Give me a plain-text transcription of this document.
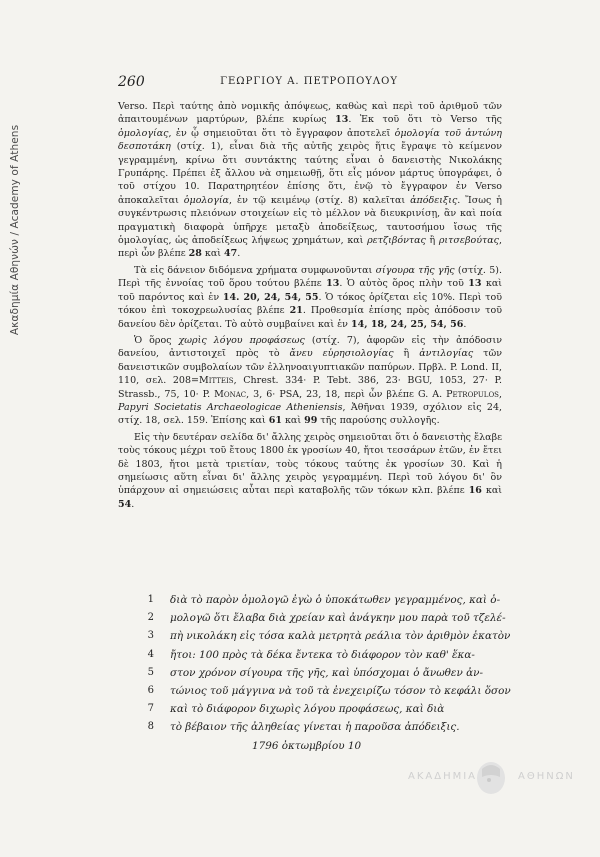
Ακαδημία Αθηνών / Academy of Athens
260	ΓΕΩΡΓΙΟΥ Α. ΠΕΤΡΟΠΟΥΛΟΥ

Verso. Περὶ ταύτης ἀπὸ νομικῆς ἀπόψεως, καθὼς καὶ περὶ τοῦ ἀριθμοῦ τῶν ἀπαιτουμένων μαρτύρων, βλέπε κυρίως 13. Ἐκ τοῦ ὅτι τὸ Verso τῆς ὁμολογίας, ἐν ᾧ σημειοῦται ὅτι τὸ ἔγγραφον ἀποτελεῖ ὁμολογία τοῦ ἀντώνη δεσποτάκη (στίχ. 1), εἶναι διὰ τῆς αὐτῆς χειρὸς ἥτις ἔγραψε τὸ κείμενον γεγραμμένη, κρίνω ὅτι συντάκτης ταύτης εἶναι ὁ δανειστὴς Νικολάκης Γρυπάρης. Πρέπει ἐξ ἄλλου νὰ σημειωθῇ, ὅτι εἷς μόνον μάρτυς ὑπογράφει, ὁ τοῦ στίχου 10. Παρατηρητέον ἐπίσης ὅτι, ἐνῷ τὸ ἔγγραφον ἐν Verso ἀποκαλεῖται ὁμολογία, ἐν τῷ κειμένῳ (στίχ. 8) καλεῖται ἀπόδειξις. Ἴσως ἡ συγκέντρωσις πλειόνων στοιχείων εἰς τὸ μέλλον νὰ διευκρινίσῃ, ἂν καὶ ποία πραγματικὴ διαφορὰ ὑπῆρχε μεταξὺ ἀποδείξεως, ταυτοσήμου ἴσως τῆς ὁμολογίας, ὡς ἀποδείξεως λήψεως χρημάτων, καὶ ρετζιβόντας ἢ ριτσεβούτας, περὶ ὧν βλέπε 28 καὶ 47.

Τὰ εἰς δάνειον διδόμενα χρήματα συμφωνοῦνται σίγουρα τῆς γῆς (στίχ. 5). Περὶ τῆς ἐννοίας τοῦ ὅρου τούτου βλέπε 13. Ὁ αὐτὸς ὅρος πλὴν τοῦ 13 καὶ τοῦ παρόντος καὶ ἐν 14. 20, 24, 54, 55. Ὁ τόκος ὁρίζεται εἰς 10%. Περὶ τοῦ τόκου ἐπὶ τοκοχρεωλυσίας βλέπε 21. Προθεσμία ἐπίσης πρὸς ἀπόδοσιν τοῦ δανείου δὲν ὁρίζεται. Τὸ αὐτὸ συμβαίνει καὶ ἐν 14, 18, 24, 25, 54, 56.

Ὁ ὅρος χωρὶς λόγου προφάσεως (στίχ. 7), ἀφορῶν εἰς τὴν ἀπόδοσιν δανείου, ἀντιστοιχεῖ πρὸς τὸ ἄνευ εὑρησιολογίας ἢ ἀντιλογίας τῶν δανειστικῶν συμβολαίων τῶν ἑλληνοαιγυπτιακῶν παπύρων. Πρβλ. P. Lond. II, 110, σελ. 208=Mitteis, Chrest. 334· P. Tebt. 386, 23· BGU, 1053, 27· P. Strassb., 75, 10· P. Monac, 3, 6· PSA, 23, 18, περὶ ὧν βλέπε G. A. Petropulos, Papyri Societatis Archaeologicae Atheniensis, Ἀθῆναι 1939, σχόλιον εἰς 24, στίχ. 18, σελ. 159. Ἐπίσης καὶ 61 καὶ 99 τῆς παρούσης συλλογῆς.

Εἰς τὴν δευτέραν σελίδα δι' ἄλλης χειρὸς σημειοῦται ὅτι ὁ δανειστὴς ἔλαβε τοὺς τόκους μέχρι τοῦ ἔτους 1800 ἐκ γροσίων 40, ἤτοι τεσσάρων ἐτῶν, ἐν ἔτει δὲ 1803, ἤτοι μετὰ τριετίαν, τοὺς τόκους ταύτης ἐκ γροσίων 30. Καὶ ἡ σημείωσις αὕτη εἶναι δι' ἄλλης χειρὸς γεγραμμένη. Περὶ τοῦ λόγου δι' ὃν ὑπάρχουν αἱ σημειώσεις αὗται περὶ καταβολῆς τῶν τόκων κλπ. βλέπε 16 καὶ 54.

1 διὰ τὸ παρὸν ὁμολογῶ ἐγὼ ὁ ὑποκάτωθεν γεγραμμένος, καὶ ὁ-
2 μολογῶ ὅτι ἔλαβα διὰ χρείαν καὶ ἀνάγκην μου παρὰ τοῦ τζελέ-
3 πὴ νικολάκη εἰς τόσα καλὰ μετρητὰ ρεάλια τὸν ἀριθμὸν ἑκατὸν
4 ἤτοι: 100 πρὸς τὰ δέκα ἔντεκα τὸ διάφορον τὸν καθ' ἕκα-
5 στον χρόνον σίγουρα τῆς γῆς, καὶ ὑπόσχομαι ὁ ἄνωθεν ἀν-
6 τώνιος τοῦ μάγγινα νὰ τοῦ τὰ ἐνεχειρίζω τόσον τὸ κεφάλι ὅσον
7 καὶ τὸ διάφορον διχωρὶς λόγου προφάσεως, καὶ διὰ
8 τὸ βέβαιον τῆς ἀληθείας γίνεται ἡ παροῦσα ἀπόδειξις.
1796 ὀκτωμβρίου 10
ΑΚΑΔΗΜΙΑ	ΑΘΗΝΩΝ
